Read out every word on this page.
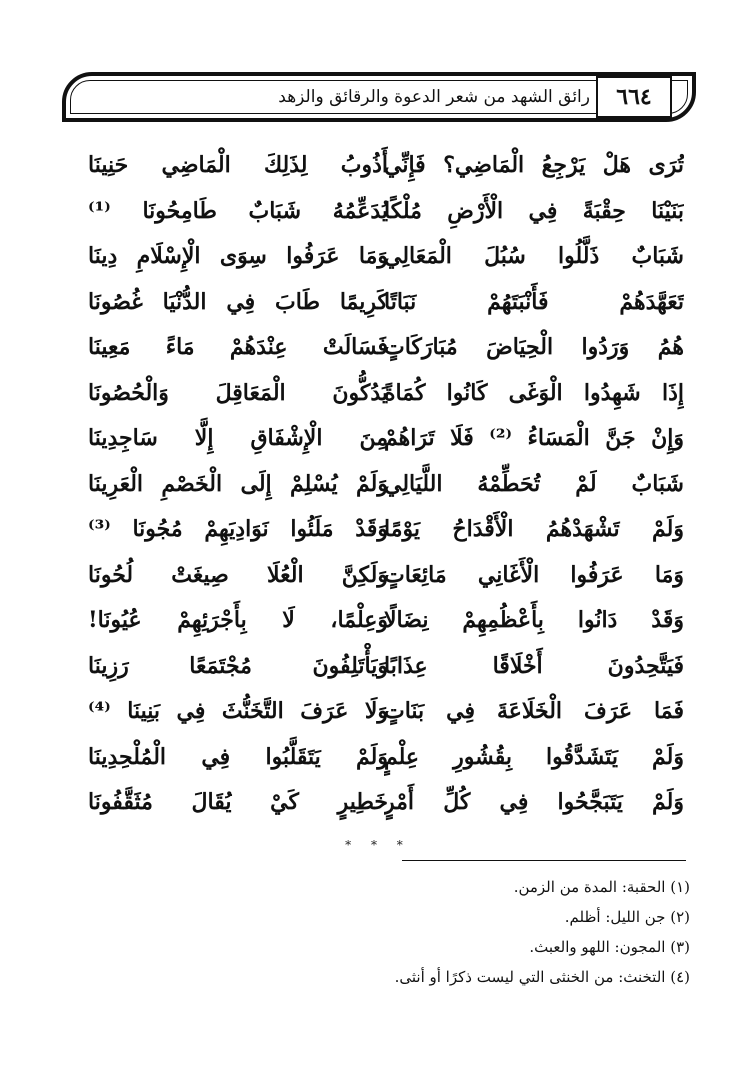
رائق الشهد من شعر الدعوة والرقائق والزهد	٦٦٤
تُرَى هَلْ يَرْجِعُ الْمَاضِي؟ فَإِنِّي
أَذُوبُ لِذَلِكَ الْمَاضِي حَنِينَا
بَنَيْنَا حِقْبَةً فِي الْأَرْضِ مُلْكًا
يُدَعِّمُهُ شَبَابٌ طَامِحُونَا ⁽¹⁾
شَبَابٌ ذَلَّلُوا سُبُلَ الْمَعَالِي
وَمَا عَرَفُوا سِوَى الْإِسْلَامِ دِينَا
تَعَهَّدَهُمْ فَأَنْبَتَهُمْ نَبَاتًا
كَرِيمًا طَابَ فِي الدُّنْيَا غُصُونَا
هُمُ وَرَدُوا الْحِيَاضَ مُبَارَكَاتٍ
فَسَالَتْ عِنْدَهُمْ مَاءً مَعِينَا
إِذَا شَهِدُوا الْوَغَى كَانُوا كُمَاةً
يَدُكُّونَ الْمَعَاقِلَ وَالْحُصُونَا
وَإِنْ جَنَّ الْمَسَاءُ ⁽²⁾ فَلَا تَرَاهُمْ
مِنَ الْإِشْفَاقِ إِلَّا سَاجِدِينَا
شَبَابٌ لَمْ تُحَطِّمْهُ اللَّيَالِي
وَلَمْ يُسْلِمْ إِلَى الْخَصْمِ الْعَرِينَا
وَلَمْ تَشْهَدْهُمُ الْأَقْدَاحُ يَوْمًا
وَقَدْ مَلَئُوا نَوَادِيَهِمْ مُجُونَا ⁽³⁾
وَمَا عَرَفُوا الْأَغَانِي مَائِعَاتٍ
وَلَكِنَّ الْعُلَا صِيغَتْ لُحُونَا
وَقَدْ دَانُوا بِأَعْظُمِهِمْ نِضَالًا
وَعِلْمًا، لَا بِأَجْرَئِهِمْ عُيُونَا!
فَيَتَّحِدُونَ أَخْلَاقًا عِذَابًا
وَيَأْتَلِفُونَ مُجْتَمَعًا رَزِينَا
فَمَا عَرَفَ الْخَلَاعَةَ فِي بَنَاتٍ
وَلَا عَرَفَ التَّخَنُّثَ فِي بَنِينَا ⁽⁴⁾
وَلَمْ يَتَشَدَّقُوا بِقُشُورِ عِلْمٍ
وَلَمْ يَتَقَلَّبُوا فِي الْمُلْحِدِينَا
وَلَمْ يَتَبَجَّحُوا فِي كُلِّ أَمْرٍ
خَطِيرٍ كَيْ يُقَالَ مُثَقَّفُونَا
* * *
(١) الحقبة: المدة من الزمن.
(٢) جن الليل: أظلم.
(٣) المجون: اللهو والعبث.
(٤) التخنث: من الخنثى التي ليست ذكرًا أو أنثى.
